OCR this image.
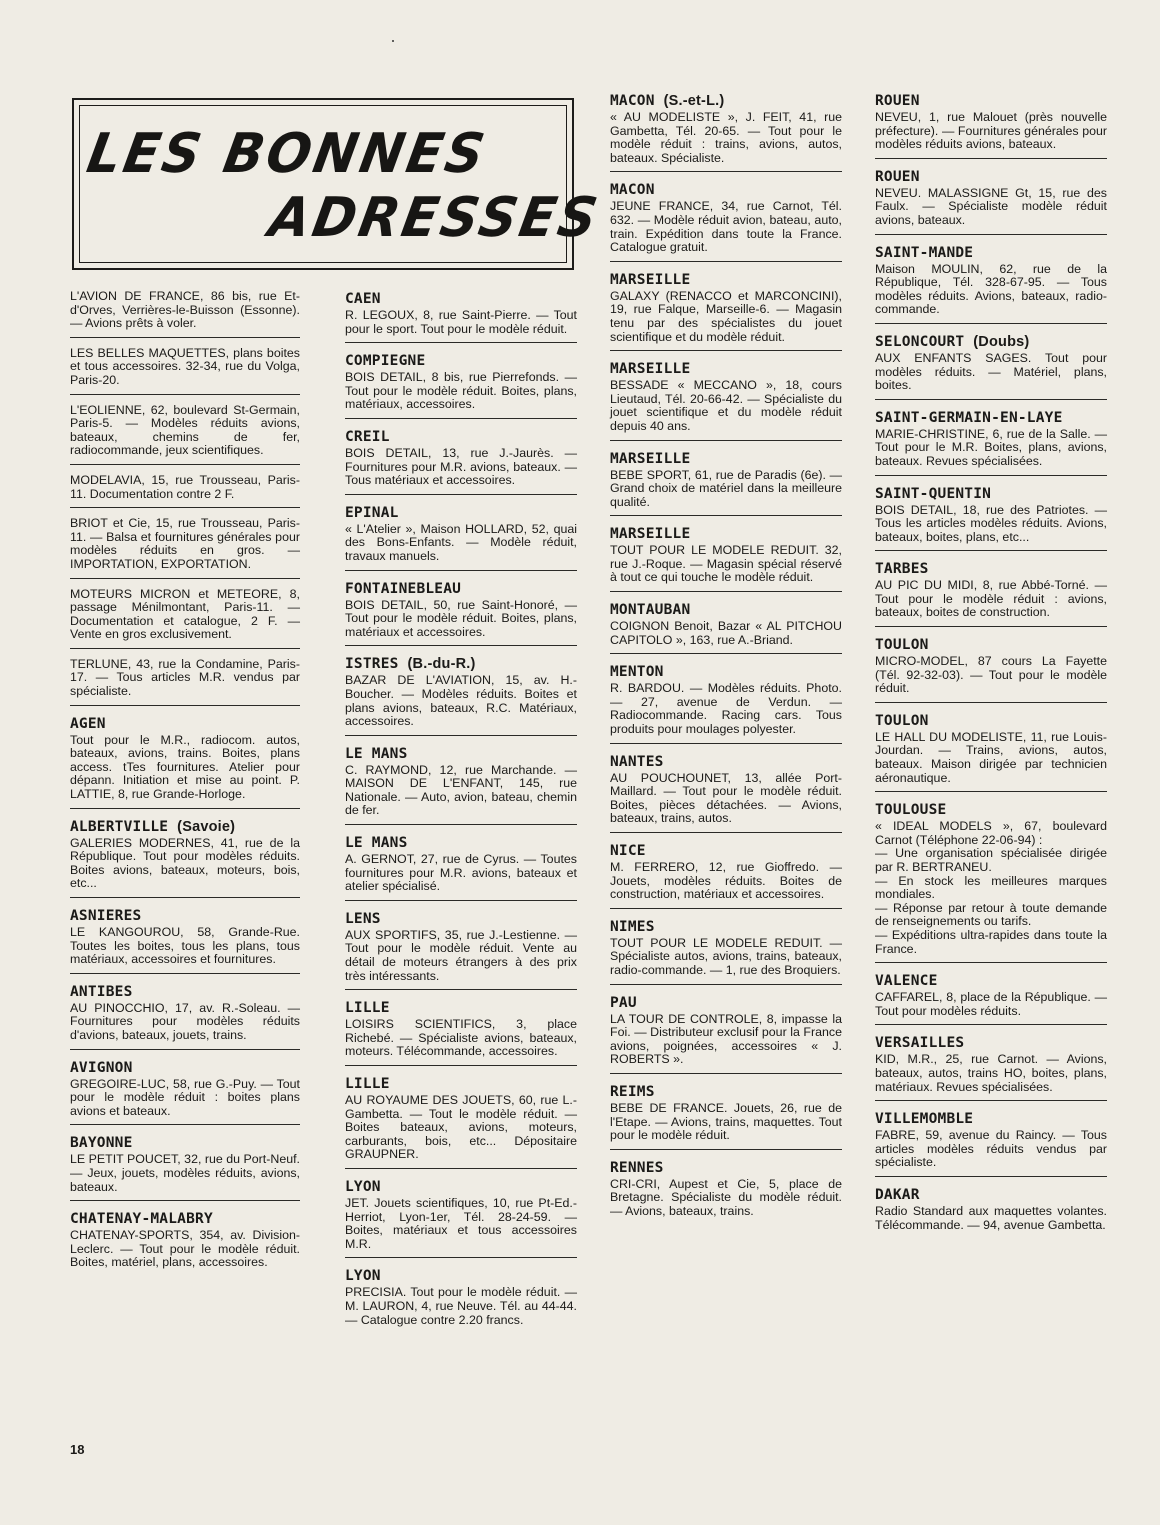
LES BONNES
ADRESSES
L'AVION DE FRANCE, 86 bis, rue Et-d'Orves, Verrières-le-Buisson (Essonne). — Avions prêts à voler.
LES BELLES MAQUETTES, plans boites et tous accessoires. 32-34, rue du Volga, Paris-20.
L'EOLIENNE, 62, boulevard St-Germain, Paris-5. — Modèles réduits avions, bateaux, chemins de fer, radiocommande, jeux scientifiques.
MODELAVIA, 15, rue Trousseau, Paris-11. Documentation contre 2 F.
BRIOT et Cie, 15, rue Trousseau, Paris-11. — Balsa et fournitures générales pour modèles réduits en gros. — IMPORTATION, EXPORTATION.
MOTEURS MICRON et METEORE, 8, passage Ménilmontant, Paris-11. — Documentation et catalogue, 2 F. — Vente en gros exclusivement.
TERLUNE, 43, rue la Condamine, Paris-17. — Tous articles M.R. vendus par spécialiste.
AGEN
Tout pour le M.R., radiocom. autos, bateaux, avions, trains. Boites, plans access. tTes fournitures. Atelier pour dépann. Initiation et mise au point. P. LATTIE, 8, rue Grande-Horloge.
ALBERTVILLE (Savoie)
GALERIES MODERNES, 41, rue de la République. Tout pour modèles réduits. Boites avions, bateaux, moteurs, bois, etc...
ASNIERES
LE KANGOUROU, 58, Grande-Rue. Toutes les boites, tous les plans, tous matériaux, accessoires et fournitures.
ANTIBES
AU PINOCCHIO, 17, av. R.-Soleau. — Fournitures pour modèles réduits d'avions, bateaux, jouets, trains.
AVIGNON
GREGOIRE-LUC, 58, rue G.-Puy. — Tout pour le modèle réduit : boites plans avions et bateaux.
BAYONNE
LE PETIT POUCET, 32, rue du Port-Neuf. — Jeux, jouets, modèles réduits, avions, bateaux.
CHATENAY-MALABRY
CHATENAY-SPORTS, 354, av. Division-Leclerc. — Tout pour le modèle réduit. Boites, matériel, plans, accessoires.
CAEN
R. LEGOUX, 8, rue Saint-Pierre. — Tout pour le sport. Tout pour le modèle réduit.
COMPIEGNE
BOIS DETAIL, 8 bis, rue Pierrefonds. — Tout pour le modèle réduit. Boites, plans, matériaux, accessoires.
CREIL
BOIS DETAIL, 13, rue J.-Jaurès. — Fournitures pour M.R. avions, bateaux. — Tous matériaux et accessoires.
EPINAL
« L'Atelier », Maison HOLLARD, 52, quai des Bons-Enfants. — Modèle réduit, travaux manuels.
FONTAINEBLEAU
BOIS DETAIL, 50, rue Saint-Honoré, — Tout pour le modèle réduit. Boites, plans, matériaux et accessoires.
ISTRES (B.-du-R.)
BAZAR DE L'AVIATION, 15, av. H.-Boucher. — Modèles réduits. Boites et plans avions, bateaux, R.C. Matériaux, accessoires.
LE MANS
C. RAYMOND, 12, rue Marchande. — MAISON DE L'ENFANT, 145, rue Nationale. — Auto, avion, bateau, chemin de fer.
LE MANS
A. GERNOT, 27, rue de Cyrus. — Toutes fournitures pour M.R. avions, bateaux et atelier spécialisé.
LENS
AUX SPORTIFS, 35, rue J.-Lestienne. — Tout pour le modèle réduit. Vente au détail de moteurs étrangers à des prix très intéressants.
LILLE
LOISIRS SCIENTIFICS, 3, place Richebé. — Spécialiste avions, bateaux, moteurs. Télécommande, accessoires.
LILLE
AU ROYAUME DES JOUETS, 60, rue L.-Gambetta. — Tout le modèle réduit. — Boites bateaux, avions, moteurs, carburants, bois, etc... Dépositaire GRAUPNER.
LYON
JET. Jouets scientifiques, 10, rue Pt-Ed.-Herriot, Lyon-1er, Tél. 28-24-59. — Boites, matériaux et tous accessoires M.R.
LYON
PRECISIA. Tout pour le modèle réduit. — M. LAURON, 4, rue Neuve. Tél. au 44-44. — Catalogue contre 2.20 francs.
MACON (S.-et-L.)
« AU MODELISTE », J. FEIT, 41, rue Gambetta, Tél. 20-65. — Tout pour le modèle réduit : trains, avions, autos, bateaux. Spécialiste.
MACON
JEUNE FRANCE, 34, rue Carnot, Tél. 632. — Modèle réduit avion, bateau, auto, train. Expédition dans toute la France. Catalogue gratuit.
MARSEILLE
GALAXY (RENACCO et MARCONCINI), 19, rue Falque, Marseille-6. — Magasin tenu par des spécialistes du jouet scientifique et du modèle réduit.
MARSEILLE
BESSADE « MECCANO », 18, cours Lieutaud, Tél. 20-66-42. — Spécialiste du jouet scientifique et du modèle réduit depuis 40 ans.
MARSEILLE
BEBE SPORT, 61, rue de Paradis (6e). — Grand choix de matériel dans la meilleure qualité.
MARSEILLE
TOUT POUR LE MODELE REDUIT. 32, rue J.-Roque. — Magasin spécial réservé à tout ce qui touche le modèle réduit.
MONTAUBAN
COIGNON Benoit, Bazar « AL PITCHOU CAPITOLO », 163, rue A.-Briand.
MENTON
R. BARDOU. — Modèles réduits. Photo. — 27, avenue de Verdun. — Radiocommande. Racing cars. Tous produits pour moulages polyester.
NANTES
AU POUCHOUNET, 13, allée Port-Maillard. — Tout pour le modèle réduit. Boites, pièces détachées. — Avions, bateaux, trains, autos.
NICE
M. FERRERO, 12, rue Gioffredo. — Jouets, modèles réduits. Boites de construction, matériaux et accessoires.
NIMES
TOUT POUR LE MODELE REDUIT. — Spécialiste autos, avions, trains, bateaux, radio-commande. — 1, rue des Broquiers.
PAU
LA TOUR DE CONTROLE, 8, impasse la Foi. — Distributeur exclusif pour la France avions, poignées, accessoires « J. ROBERTS ».
REIMS
BEBE DE FRANCE. Jouets, 26, rue de l'Etape. — Avions, trains, maquettes. Tout pour le modèle réduit.
RENNES
CRI-CRI, Aupest et Cie, 5, place de Bretagne. Spécialiste du modèle réduit. — Avions, bateaux, trains.
ROUEN
NEVEU, 1, rue Malouet (près nouvelle préfecture). — Fournitures générales pour modèles réduits avions, bateaux.
ROUEN
NEVEU. MALASSIGNE Gt, 15, rue des Faulx. — Spécialiste modèle réduit avions, bateaux.
SAINT-MANDE
Maison MOULIN, 62, rue de la République, Tél. 328-67-95. — Tous modèles réduits. Avions, bateaux, radio-commande.
SELONCOURT (Doubs)
AUX ENFANTS SAGES. Tout pour modèles réduits. — Matériel, plans, boites.
SAINT-GERMAIN-EN-LAYE
MARIE-CHRISTINE, 6, rue de la Salle. — Tout pour le M.R. Boites, plans, avions, bateaux. Revues spécialisées.
SAINT-QUENTIN
BOIS DETAIL, 18, rue des Patriotes. — Tous les articles modèles réduits. Avions, bateaux, boites, plans, etc...
TARBES
AU PIC DU MIDI, 8, rue Abbé-Torné. — Tout pour le modèle réduit : avions, bateaux, boites de construction.
TOULON
MICRO-MODEL, 87 cours La Fayette (Tél. 92-32-03). — Tout pour le modèle réduit.
TOULON
LE HALL DU MODELISTE, 11, rue Louis-Jourdan. — Trains, avions, autos, bateaux. Maison dirigée par technicien aéronautique.
TOULOUSE
« IDEAL MODELS », 67, boulevard Carnot (Téléphone 22-06-94) :
— Une organisation spécialisée dirigée par R. BERTRANEU.
— En stock les meilleures marques mondiales.
— Réponse par retour à toute demande de renseignements ou tarifs.
— Expéditions ultra-rapides dans toute la France.
VALENCE
CAFFAREL, 8, place de la République. — Tout pour modèles réduits.
VERSAILLES
KID, M.R., 25, rue Carnot. — Avions, bateaux, autos, trains HO, boites, plans, matériaux. Revues spécialisées.
VILLEMOMBLE
FABRE, 59, avenue du Raincy. — Tous articles modèles réduits vendus par spécialiste.
DAKAR
Radio Standard aux maquettes volantes. Télécommande. — 94, avenue Gambetta.
18
